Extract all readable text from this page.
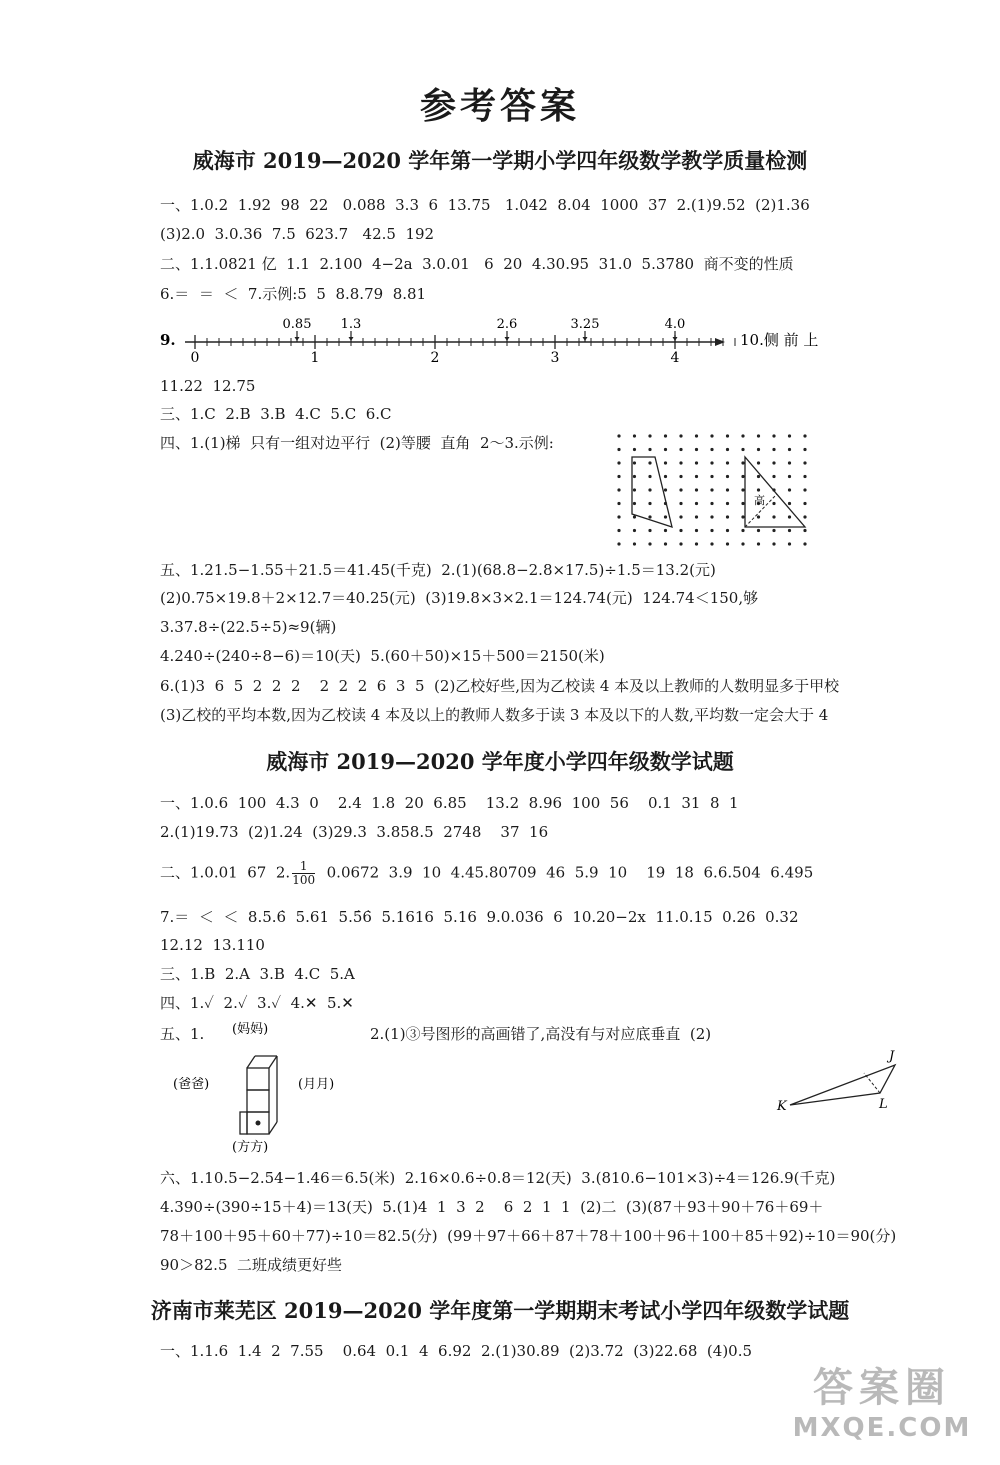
参考答案
威海市 2019—2020 学年第一学期小学四年级数学教学质量检测
一、1.0.2  1.92  98  22   0.088  3.3  6  13.75   1.042  8.04  1000  37  2.(1)9.52  (2)1.36
(3)2.0  3.0.36  7.5  623.7   42.5  192
二、1.1.0821 亿  1.1  2.100  4−2a  3.0.01   6  20  4.30.95  31.0  5.3780  商不变的性质
6.＝  ＝  ＜  7.示例:5  5  8.8.79  8.81
9.
0	1	2	3	4
0.85 1.3	2.6	3.25	4.0
10.侧 前 上
11.22  12.75
三、1.C  2.B  3.B  4.C  5.C  6.C
四、1.(1)梯  只有一组对边平行  (2)等腰  直角  2～3.示例:
高
五、1.21.5−1.55＋21.5＝41.45(千克)  2.(1)(68.8−2.8×17.5)÷1.5＝13.2(元)
(2)0.75×19.8＋2×12.7＝40.25(元)  (3)19.8×3×2.1＝124.74(元)  124.74＜150,够
3.37.8÷(22.5÷5)≈9(辆)
4.240÷(240÷8−6)＝10(天)  5.(60＋50)×15＋500＝2150(米)
6.(1)3  6  5  2  2  2    2  2  2  6  3  5  (2)乙校好些,因为乙校读 4 本及以上教师的人数明显多于甲校
(3)乙校的平均本数,因为乙校读 4 本及以上的教师人数多于读 3 本及以下的人数,平均数一定会大于 4
威海市 2019—2020 学年度小学四年级数学试题
一、1.0.6  100  4.3  0    2.4  1.8  20  6.85    13.2  8.96  100  56    0.1  31  8  1
2.(1)19.73  (2)1.24  (3)29.3  3.858.5  2748    37  16
二、1.0.01  67  2. $\frac{1}{100} 0.0672$  3.9  10  4.45.80709  46  5.9  10    19  18  6.6.504  6.495
7.＝  ＜  ＜  8.5.6̇  5.61  5.5̇6̇  5.1616  5.16  9.0.036  6  10.20−2x  11.0.15  0.26  0.32
12.12  13.110
三、1.B  2.A  3.B  4.C  5.A
四、1.✓  2.✓  3.✓  4.✕  5.✕
五、1.	(妈妈)
(爸爸)	(月月)
(方方)
2.(1)③号图形的高画错了,高没有与对应底垂直  (2)
J
K	L
六、1.10.5−2.54−1.46＝6.5(米)  2.16×0.6÷0.8＝12(天)  3.(810.6−101×3)÷4＝126.9(千克)
4.390÷(390÷15＋4)＝13(天)  5.(1)4  1  3  2    6  2  1  1  (2)二  (3)(87＋93＋90＋76＋69＋
78＋100＋95＋60＋77)÷10＝82.5(分)  (99＋97＋66＋87＋78＋100＋96＋100＋85＋92)÷10＝90(分)
90＞82.5  二班成绩更好些
济南市莱芜区 2019—2020 学年度第一学期期末考试小学四年级数学试题
一、1.1.6  1.4  2  7.55    0.64  0.1  4  6.92  2.(1)30.89  (2)3.72  (3)22.68  (4)0.5
答案圈
MXQE.COM
